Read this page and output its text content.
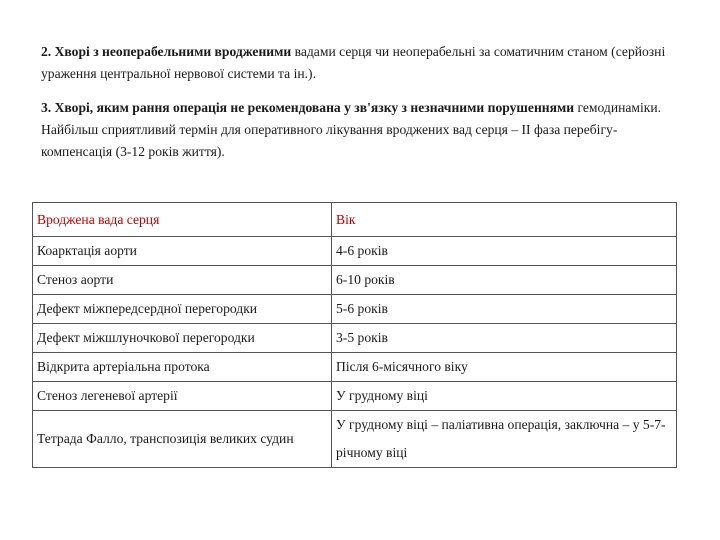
2. Хворі з неоперабельними вродженими вадами серця чи неоперабельні за соматичним станом (серйозні ураження центральної нервової системи та ін.).

3. Хворі, яким рання операція не рекомендована у зв'язку з незначними порушеннями гемодинаміки. Найбільш сприятливий термін для оперативного лікування вроджених вад серця – ІІ фаза перебігу-компенсація (3-12 років життя).

Вроджена вада серця	Вік
Коарктація аорти	4-6 років
Стеноз аорти	6-10 років
Дефект міжпередсердної перегородки	5-6 років
Дефект міжшлуночкової перегородки	3-5 років
Відкрита артеріальна протока	Після 6-місячного віку
Стеноз легеневої артерії	У грудному віці
Тетрада Фалло, транспозиція великих судин	У грудному віці – паліативна операція, заключна – у 5-7-річному віці
